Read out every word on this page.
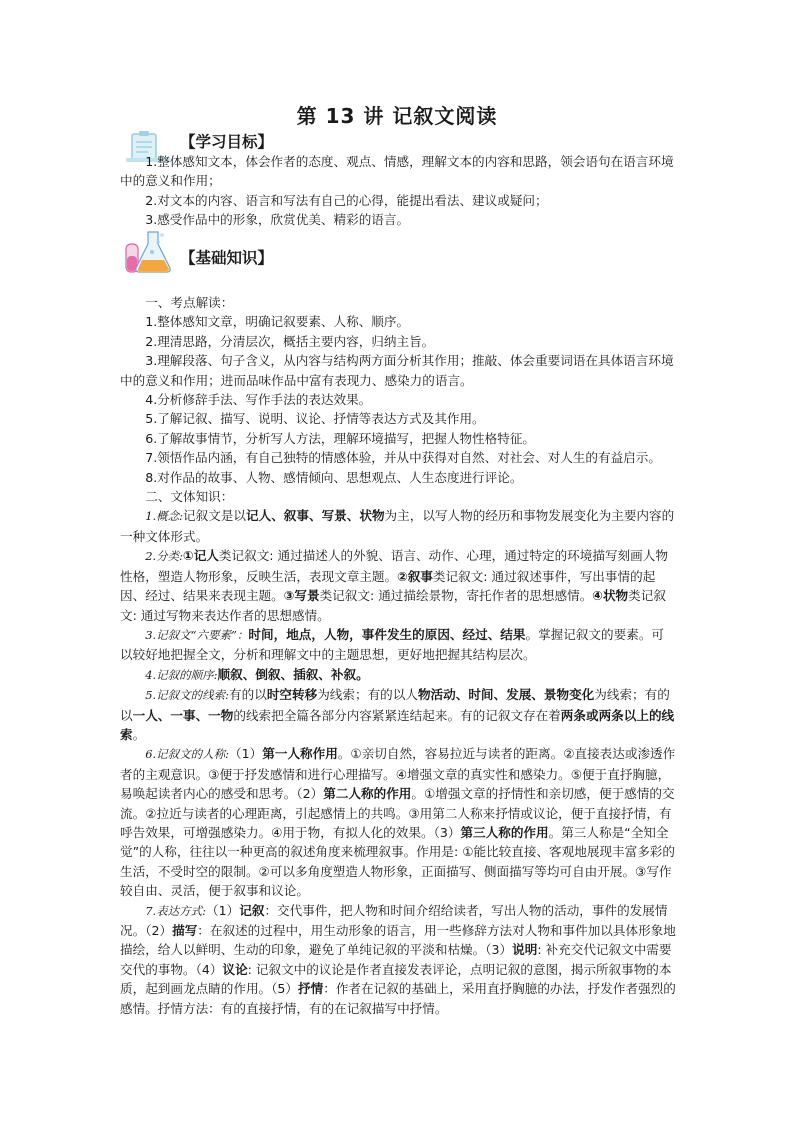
第 13 讲 记叙文阅读
【学习目标】

1.整体感知文本，体会作者的态度、观点、情感，理解文本的内容和思路，领会语句在语言环境中的意义和作用；

2.对文本的内容、语言和写法有自己的心得，能提出看法、建议或疑问；

3.感受作品中的形象，欣赏优美、精彩的语言。

【基础知识】

一、考点解读：

1.整体感知文章，明确记叙要素、人称、顺序。

2.理清思路，分清层次，概括主要内容，归纳主旨。

3.理解段落、句子含义，从内容与结构两方面分析其作用；推敲、体会重要词语在具体语言环境中的意义和作用；进而品味作品中富有表现力、感染力的语言。

4.分析修辞手法、写作手法的表达效果。

5.了解记叙、描写、说明、议论、抒情等表达方式及其作用。

6.了解故事情节，分析写人方法，理解环境描写，把握人物性格特征。

7.领悟作品内涵，有自己独特的情感体验，并从中获得对自然、对社会、对人生的有益启示。

8.对作品的故事、人物、感情倾向、思想观点、人生态度进行评论。

二、文体知识：

1.概念:记叙文是以记人、叙事、写景、状物为主，以写人物的经历和事物发展变化为主要内容的一种文体形式。

2.分类:①记人类记叙文: 通过描述人的外貌、语言、动作、心理，通过特定的环境描写刻画人物性格，塑造人物形象，反映生活，表现文章主题。②叙事类记叙文: 通过叙述事件，写出事情的起因、经过、结果来表现主题。③写景类记叙文: 通过描绘景物，寄托作者的思想感情。④状物类记叙文: 通过写物来表达作者的思想感情。

3.记叙文“六要素”：时间，地点，人物，事件发生的原因、经过、结果。掌握记叙文的要素。可以较好地把握全文，分析和理解文中的主题思想，更好地把握其结构层次。

4.记叙的顺序:顺叙、倒叙、插叙、补叙。

5.记叙文的线索:有的以时空转移为线索；有的以人物活动、时间、发展、景物变化为线索；有的以一人、一事、一物的线索把全篇各部分内容紧紧连结起来。有的记叙文存在着两条或两条以上的线索。

6.记叙文的人称:（1）第一人称作用。①亲切自然，容易拉近与读者的距离。②直接表达或渗透作者的主观意识。③便于抒发感情和进行心理描写。④增强文章的真实性和感染力。⑤便于直抒胸臆，易唤起读者内心的感受和思考。（2）第二人称的作用。①增强文章的抒情性和亲切感，便于感情的交流。②拉近与读者的心理距离，引起感情上的共鸣。③用第二人称来抒情或议论，便于直接抒情，有呼告效果，可增强感染力。④用于物，有拟人化的效果。（3）第三人称的作用。第三人称是“全知全觉”的人称，往往以一种更高的叙述角度来梳理叙事。作用是: ①能比较直接、客观地展现丰富多彩的生活，不受时空的限制。②可以多角度塑造人物形象，正面描写、侧面描写等均可自由开展。③写作较自由、灵活，便于叙事和议论。

7.表达方式:（1）记叙：交代事件，把人物和时间介绍给读者，写出人物的活动，事件的发展情况。（2）描写：在叙述的过程中，用生动形象的语言，用一些修辞方法对人物和事件加以具体形象地描绘，给人以鲜明、生动的印象，避免了单纯记叙的平淡和枯燥。（3）说明: 补充交代记叙文中需要交代的事物。（4）议论: 记叙文中的议论是作者直接发表评论，点明记叙的意图，揭示所叙事物的本质，起到画龙点睛的作用。（5）抒情：作者在记叙的基础上，采用直抒胸臆的办法，抒发作者强烈的感情。抒情方法：有的直接抒情，有的在记叙描写中抒情。
